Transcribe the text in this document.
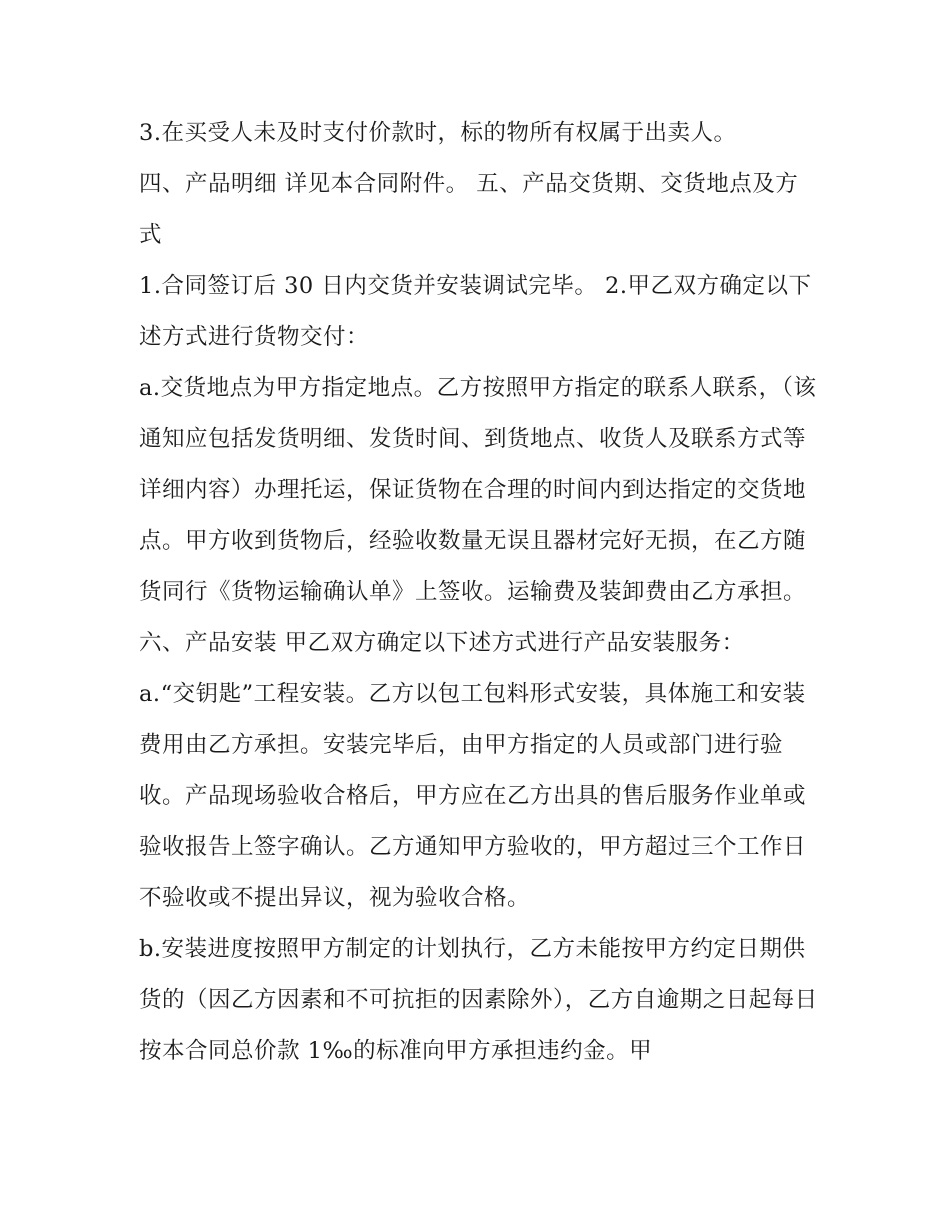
3.在买受人未及时支付价款时，标的物所有权属于出卖人。

四、产品明细 详见本合同附件。 五、产品交货期、交货地点及方式

1.合同签订后 30 日内交货并安装调试完毕。 2.甲乙双方确定以下述方式进行货物交付：

a.交货地点为甲方指定地点。乙方按照甲方指定的联系人联系，（该通知应包括发货明细、发货时间、到货地点、收货人及联系方式等详细内容）办理托运，保证货物在合理的时间内到达指定的交货地点。甲方收到货物后，经验收数量无误且器材完好无损，在乙方随货同行《货物运输确认单》上签收。运输费及装卸费由乙方承担。

六、产品安装 甲乙双方确定以下述方式进行产品安装服务：

a.“交钥匙”工程安装。乙方以包工包料形式安装，具体施工和安装费用由乙方承担。安装完毕后，由甲方指定的人员或部门进行验收。产品现场验收合格后，甲方应在乙方出具的售后服务作业单或验收报告上签字确认。乙方通知甲方验收的，甲方超过三个工作日不验收或不提出异议，视为验收合格。

b.安装进度按照甲方制定的计划执行，乙方未能按甲方约定日期供货的（因乙方因素和不可抗拒的因素除外），乙方自逾期之日起每日按本合同总价款 1‰的标准向甲方承担违约金。甲
